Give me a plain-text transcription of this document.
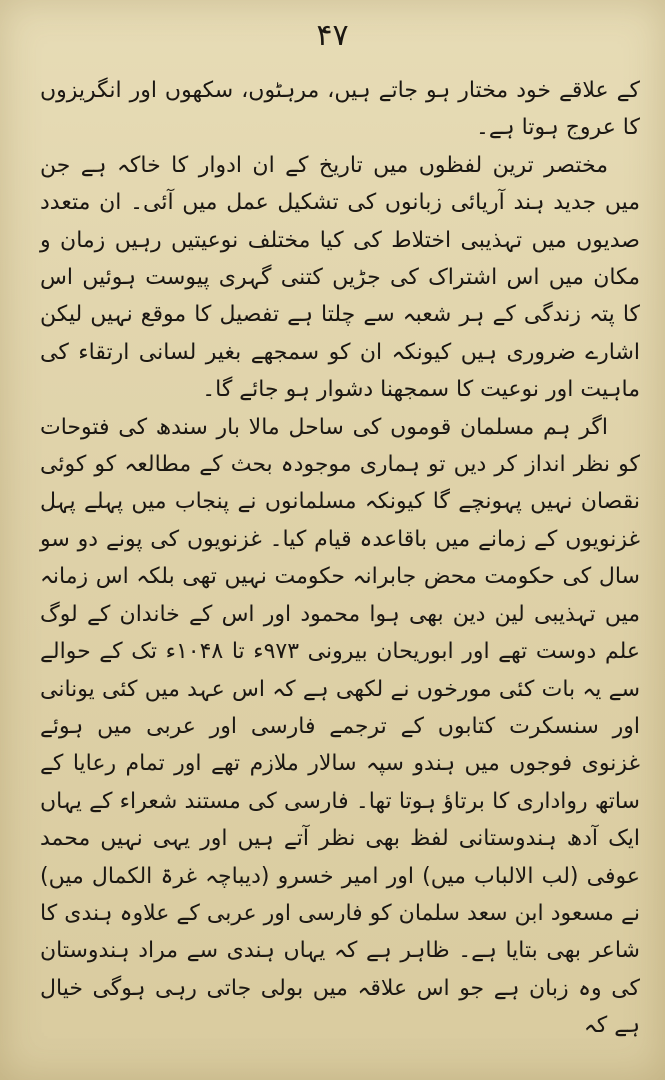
۴۷

کے علاقے خود مختار ہو جاتے ہیں، مرہٹوں، سکھوں اور انگریزوں کا عروج ہوتا ہے۔

مختصر ترین لفظوں میں تاریخ کے ان ادوار کا خاکہ ہے جن میں جدید ہند آریائی زبانوں کی تشکیل عمل میں آئی۔ ان متعدد صدیوں میں تہذیبی اختلاط کی کیا مختلف نوعیتیں رہیں زمان و مکان میں اس اشتراک کی جڑیں کتنی گہری پیوست ہوئیں اس کا پتہ زندگی کے ہر شعبہ سے چلتا ہے تفصیل کا موقع نہیں لیکن اشارے ضروری ہیں کیونکہ ان کو سمجھے بغیر لسانی ارتقاء کی ماہیت اور نوعیت کا سمجھنا دشوار ہو جائے گا۔

اگر ہم مسلمان قوموں کی ساحل مالا بار سندھ کی فتوحات کو نظر انداز کر دیں تو ہماری موجودہ بحث کے مطالعہ کو کوئی نقصان نہیں پہونچے گا کیونکہ مسلمانوں نے پنجاب میں پہلے پہل غزنویوں کے زمانے میں باقاعدہ قیام کیا۔ غزنویوں کی پونے دو سو سال کی حکومت محض جابرانہ حکومت نہیں تھی بلکہ اس زمانہ میں تہذیبی لین دین بھی ہوا محمود اور اس کے خاندان کے لوگ علم دوست تھے اور ابوریحان بیرونی ۹۷۳ء تا ۱۰۴۸ء تک کے حوالے سے یہ بات کئی مورخوں نے لکھی ہے کہ اس عہد میں کئی یونانی اور سنسکرت کتابوں کے ترجمے فارسی اور عربی میں ہوئے غزنوی فوجوں میں ہندو سپہ سالار ملازم تھے اور تمام رعایا کے ساتھ رواداری کا برتاؤ ہوتا تھا۔ فارسی کی مستند شعراء کے یہاں ایک آدھ ہندوستانی لفظ بھی نظر آتے ہیں اور یہی نہیں محمد عوفی (لب الالباب میں) اور امیر خسرو (دیباچہ غرۃ الکمال میں) نے مسعود ابن سعد سلمان کو فارسی اور عربی کے علاوہ ہندی کا شاعر بھی بتایا ہے۔ ظاہر ہے کہ یہاں ہندی سے مراد ہندوستان کی وہ زبان ہے جو اس علاقہ میں بولی جاتی رہی ہوگی خیال ہے کہ
